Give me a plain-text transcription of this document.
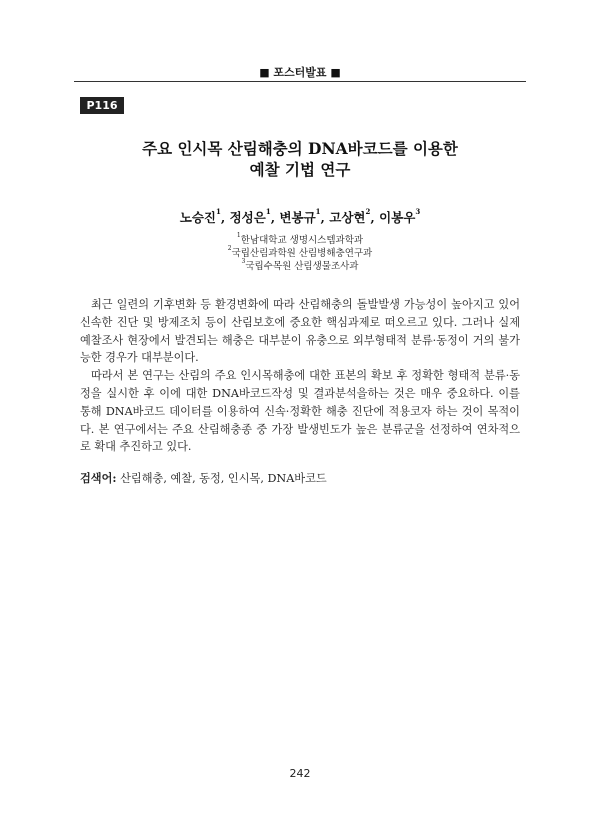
■ 포스터발표 ■
P116
주요 인시목 산림해충의 DNA바코드를 이용한
예찰 기법 연구
노승진$^1$, 정성은$^1$, 변봉규$^1$, 고상현$^2$, 이봉우$^3$
$^1$한남대학교 생명시스템과학과
$^2$국립산림과학원 산림병해충연구과
$^3$국립수목원 산림생물조사과

최근 일련의 기후변화 등 환경변화에 따라 산림해충의 돌발발생 가능성이 높아지고 있어 신속한 진단 및 방제조치 등이 산림보호에 중요한 핵심과제로 떠오르고 있다. 그러나 실제 예찰조사 현장에서 발견되는 해충은 대부분이 유충으로 외부형태적 분류·동정이 거의 불가능한 경우가 대부분이다.

따라서 본 연구는 산림의 주요 인시목해충에 대한 표본의 확보 후 정확한 형태적 분류·동정을 실시한 후 이에 대한 DNA바코드작성 및 결과분석을하는 것은 매우 중요하다. 이를 통해 DNA바코드 데이터를 이용하여 신속·정확한 해충 진단에 적용코자 하는 것이 목적이다. 본 연구에서는 주요 산림해충종 중 가장 발생빈도가 높은 분류군을 선정하여 연차적으로 확대 추진하고 있다.

검색어: 산림해충, 예찰, 동정, 인시목, DNA바코드
242
